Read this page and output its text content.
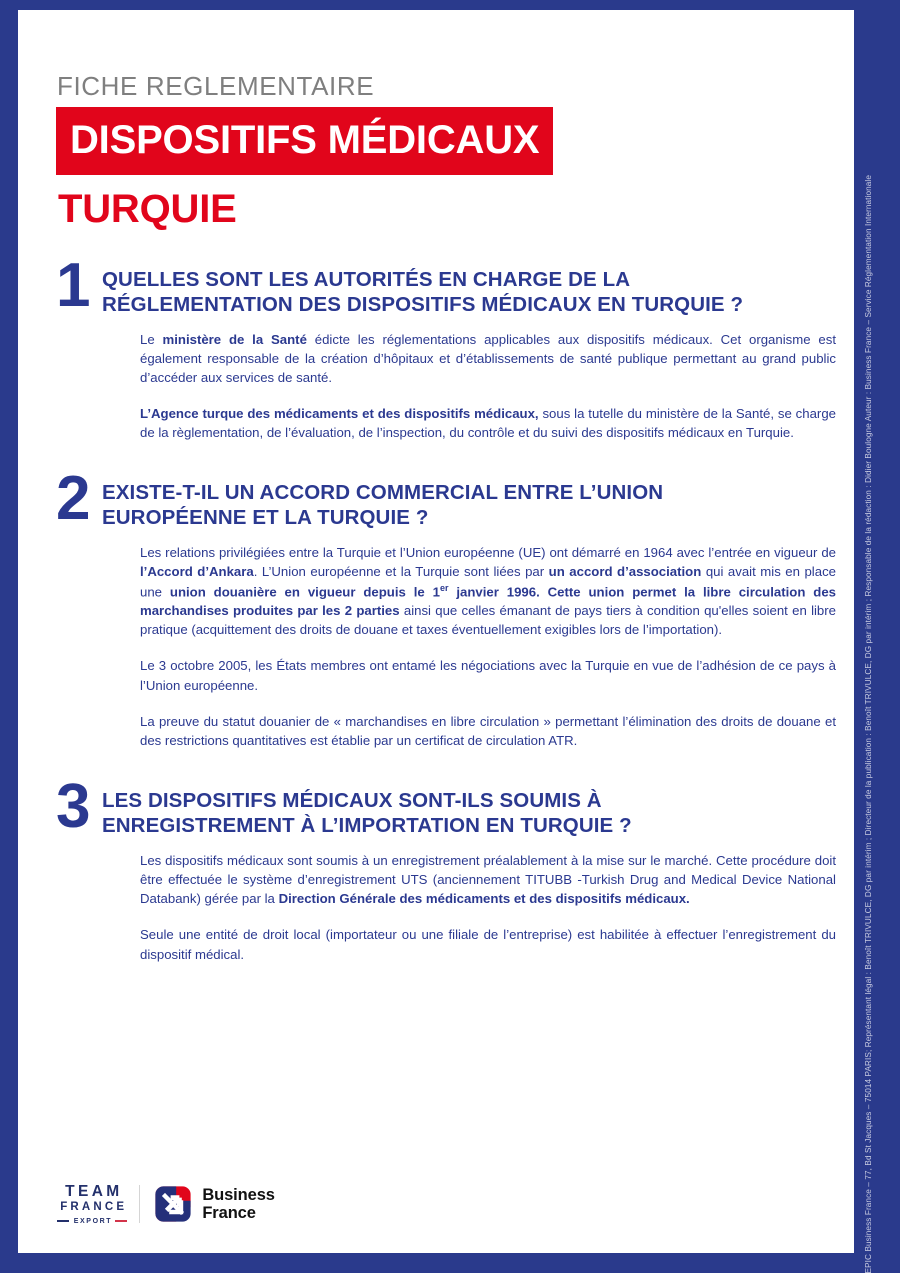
FICHE REGLEMENTAIRE
DISPOSITIFS MÉDICAUX
TURQUIE
1 QUELLES SONT LES AUTORITÉS EN CHARGE DE LA
RÉGLEMENTATION DES DISPOSITIFS MÉDICAUX EN TURQUIE ?

Le ministère de la Santé édicte les réglementations applicables aux dispositifs médicaux. Cet organisme est également responsable de la création d’hôpitaux et d’établissements de santé publique permettant au grand public d’accéder aux services de santé.

L’Agence turque des médicaments et des dispositifs médicaux, sous la tutelle du ministère de la Santé, se charge de la règlementation, de l’évaluation, de l’inspection, du contrôle et du suivi des dispositifs médicaux en Turquie.

2 EXISTE-T-IL UN ACCORD COMMERCIAL ENTRE L’UNION
EUROPÉENNE ET LA TURQUIE ?

Les relations privilégiées entre la Turquie et l’Union européenne (UE) ont démarré en 1964 avec l’entrée en vigueur de l’Accord d’Ankara. L’Union européenne et la Turquie sont liées par un accord d’association qui avait mis en place une union douanière en vigueur depuis le 1er janvier 1996. Cette union permet la libre circulation des marchandises produites par les 2 parties ainsi que celles émanant de pays tiers à condition qu'elles soient en libre pratique (acquittement des droits de douane et taxes éventuellement exigibles lors de l’importation).

Le 3 octobre 2005, les États membres ont entamé les négociations avec la Turquie en vue de l’adhésion de ce pays à l’Union européenne.

La preuve du statut douanier de « marchandises en libre circulation » permettant l’élimination des droits de douane et des restrictions quantitatives est établie par un certificat de circulation ATR.

3 LES DISPOSITIFS MÉDICAUX SONT-ILS SOUMIS À
ENREGISTREMENT À L’IMPORTATION EN TURQUIE ?

Les dispositifs médicaux sont soumis à un enregistrement préalablement à la mise sur le marché. Cette procédure doit être effectuée le système d’enregistrement UTS (anciennement TITUBB -Turkish Drug and Medical Device National Databank) gérée par la Direction Générale des médicaments et des dispositifs médicaux.

Seule une entité de droit local (importateur ou une filiale de l’entreprise) est habilitée à effectuer l’enregistrement du dispositif médical.

TEAM
FRANCE
EXPORT
Business
France	EPIC Business France – 77, Bd St Jacques – 75014 PARIS; Représentant légal : Benoît TRIVULCE, DG par intérim ; Directeur de la publication : Benoît TRIVULCE, DG par intérim ; Responsable de la rédaction : Didier Boulogne Auteur : Business France – Service Réglementation Internationale
